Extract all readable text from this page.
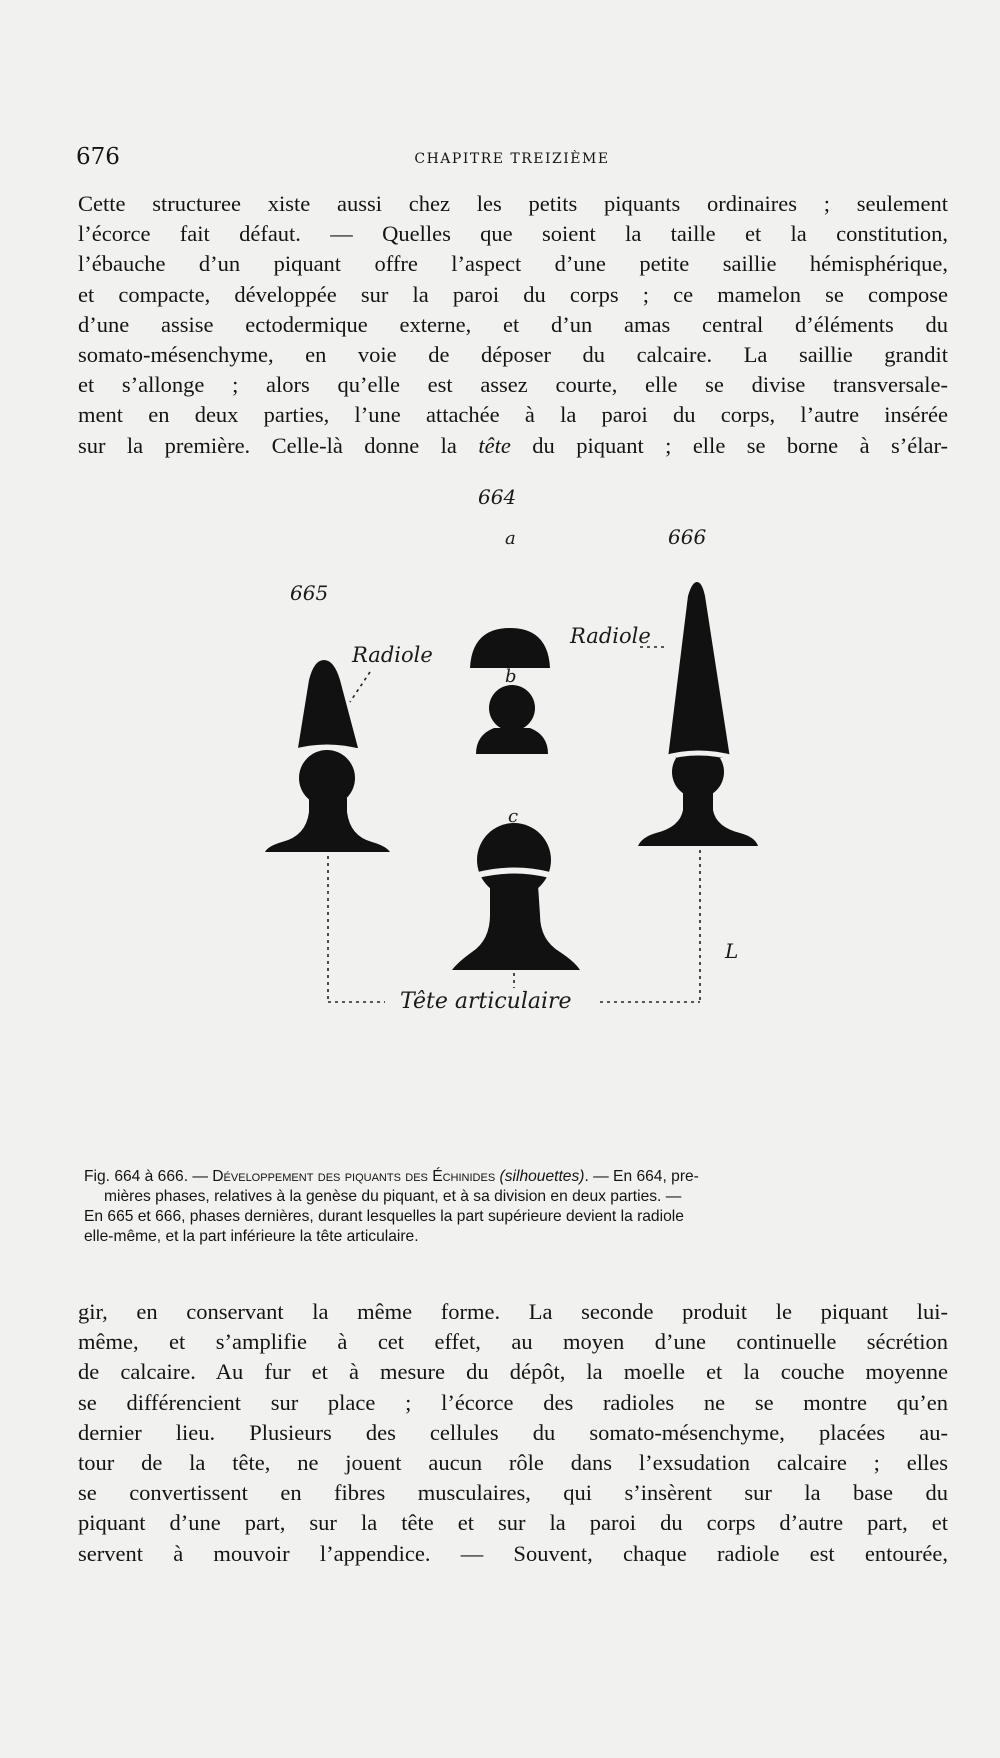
676	CHAPITRE TREIZIÈME
Cette structuree xiste aussi chez les petits piquants ordinaires ; seulement
l’écorce fait défaut. — Quelles que soient la taille et la constitution,
l’ébauche d’un piquant offre l’aspect d’une petite saillie hémisphérique,
et compacte, développée sur la paroi du corps ; ce mamelon se compose
d’une assise ectodermique externe, et d’un amas central d’éléments du
somato-mésenchyme, en voie de déposer du calcaire. La saillie grandit
et s’allonge ; alors qu’elle est assez courte, elle se divise transversale-
ment en deux parties, l’une attachée à la paroi du corps, l’autre insérée
sur la première. Celle-là donne la tête du piquant ; elle se borne à s’élar-
664
666
665
a
b
c
Radiole
Radiole
Tête articulaire
L
Fig. 664 à 666. — Développement des piquants des Échinides (silhouettes). — En 664, pre-
mières phases, relatives à la genèse du piquant, et à sa division en deux parties. —
En 665 et 666, phases dernières, durant lesquelles la part supérieure devient la radiole
elle-même, et la part inférieure la tête articulaire.
gir, en conservant la même forme. La seconde produit le piquant lui-
même, et s’amplifie à cet effet, au moyen d’une continuelle sécrétion
de calcaire. Au fur et à mesure du dépôt, la moelle et la couche moyenne
se différencient sur place ; l’écorce des radioles ne se montre qu’en
dernier lieu. Plusieurs des cellules du somato-mésenchyme, placées au-
tour de la tête, ne jouent aucun rôle dans l’exsudation calcaire ; elles
se convertissent en fibres musculaires, qui s’insèrent sur la base du
piquant d’une part, sur la tête et sur la paroi du corps d’autre part, et
servent à mouvoir l’appendice. — Souvent, chaque radiole est entourée,
